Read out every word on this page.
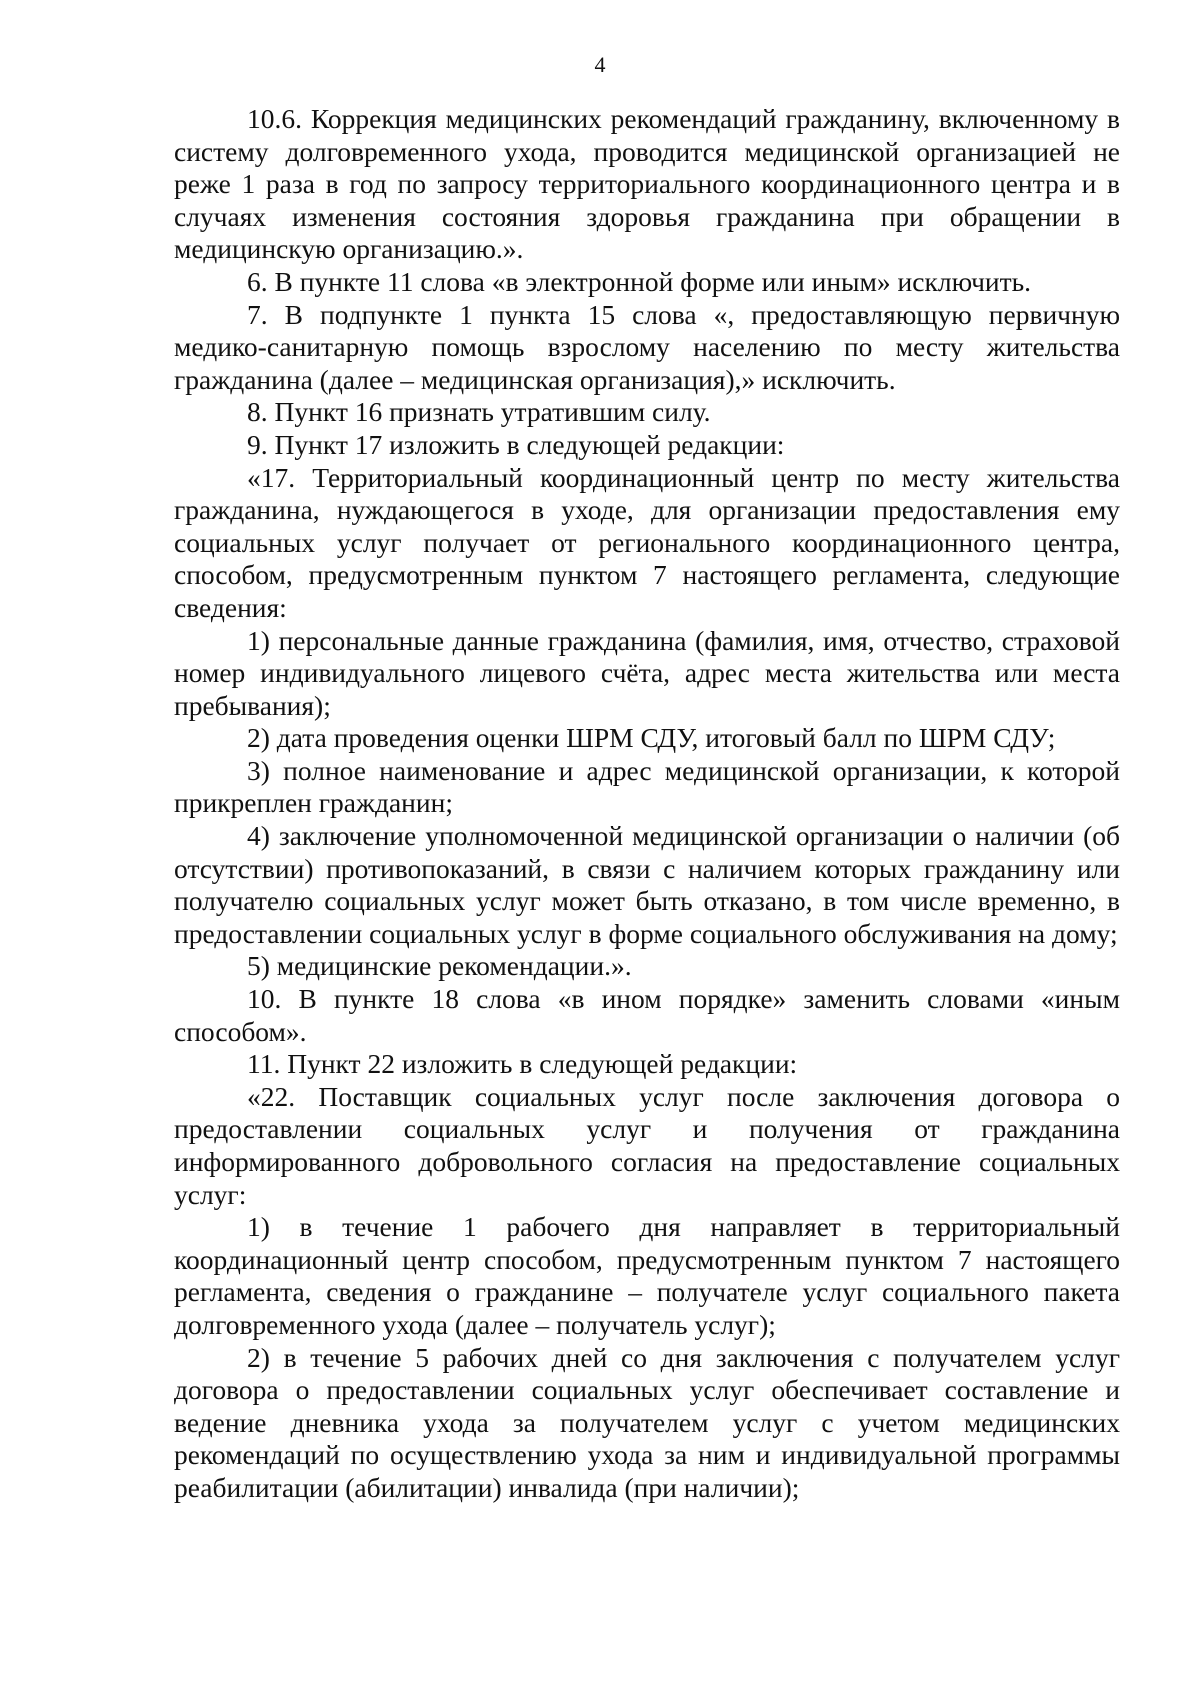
4

10.6. Коррекция медицинских рекомендаций гражданину, включенному в систему долговременного ухода, проводится медицинской организацией не реже 1 раза в год по запросу территориального координационного центра и в случаях изменения состояния здоровья гражданина при обращении в медицинскую организацию.».

6. В пункте 11 слова «в электронной форме или иным» исключить.

7. В подпункте 1 пункта 15 слова «, предоставляющую первичную медико-санитарную помощь взрослому населению по месту жительства гражданина (далее – медицинская организация),» исключить.

8. Пункт 16 признать утратившим силу.

9. Пункт 17 изложить в следующей редакции:

«17. Территориальный координационный центр по месту жительства гражданина, нуждающегося в уходе, для организации предоставления ему социальных услуг получает от регионального координационного центра, способом, предусмотренным пунктом 7 настоящего регламента, следующие сведения:

1) персональные данные гражданина (фамилия, имя, отчество, страховой номер индивидуального лицевого счёта, адрес места жительства или места пребывания);

2) дата проведения оценки ШРМ СДУ, итоговый балл по ШРМ СДУ;

3) полное наименование и адрес медицинской организации, к которой прикреплен гражданин;

4) заключение уполномоченной медицинской организации о наличии (об отсутствии) противопоказаний, в связи с наличием которых гражданину или получателю социальных услуг может быть отказано, в том числе временно, в предоставлении социальных услуг в форме социального обслуживания на дому;

5) медицинские рекомендации.».

10. В пункте 18 слова «в ином порядке» заменить словами «иным способом».

11. Пункт 22 изложить в следующей редакции:

«22. Поставщик социальных услуг после заключения договора о предоставлении социальных услуг и получения от гражданина информированного добровольного согласия на предоставление социальных услуг:

1) в течение 1 рабочего дня направляет в территориальный координационный центр способом, предусмотренным пунктом 7 настоящего регламента, сведения о гражданине – получателе услуг социального пакета долговременного ухода (далее – получатель услуг);

2) в течение 5 рабочих дней со дня заключения с получателем услуг договора о предоставлении социальных услуг обеспечивает составление и ведение дневника ухода за получателем услуг с учетом медицинских рекомендаций по осуществлению ухода за ним и индивидуальной программы реабилитации (абилитации) инвалида (при наличии);
